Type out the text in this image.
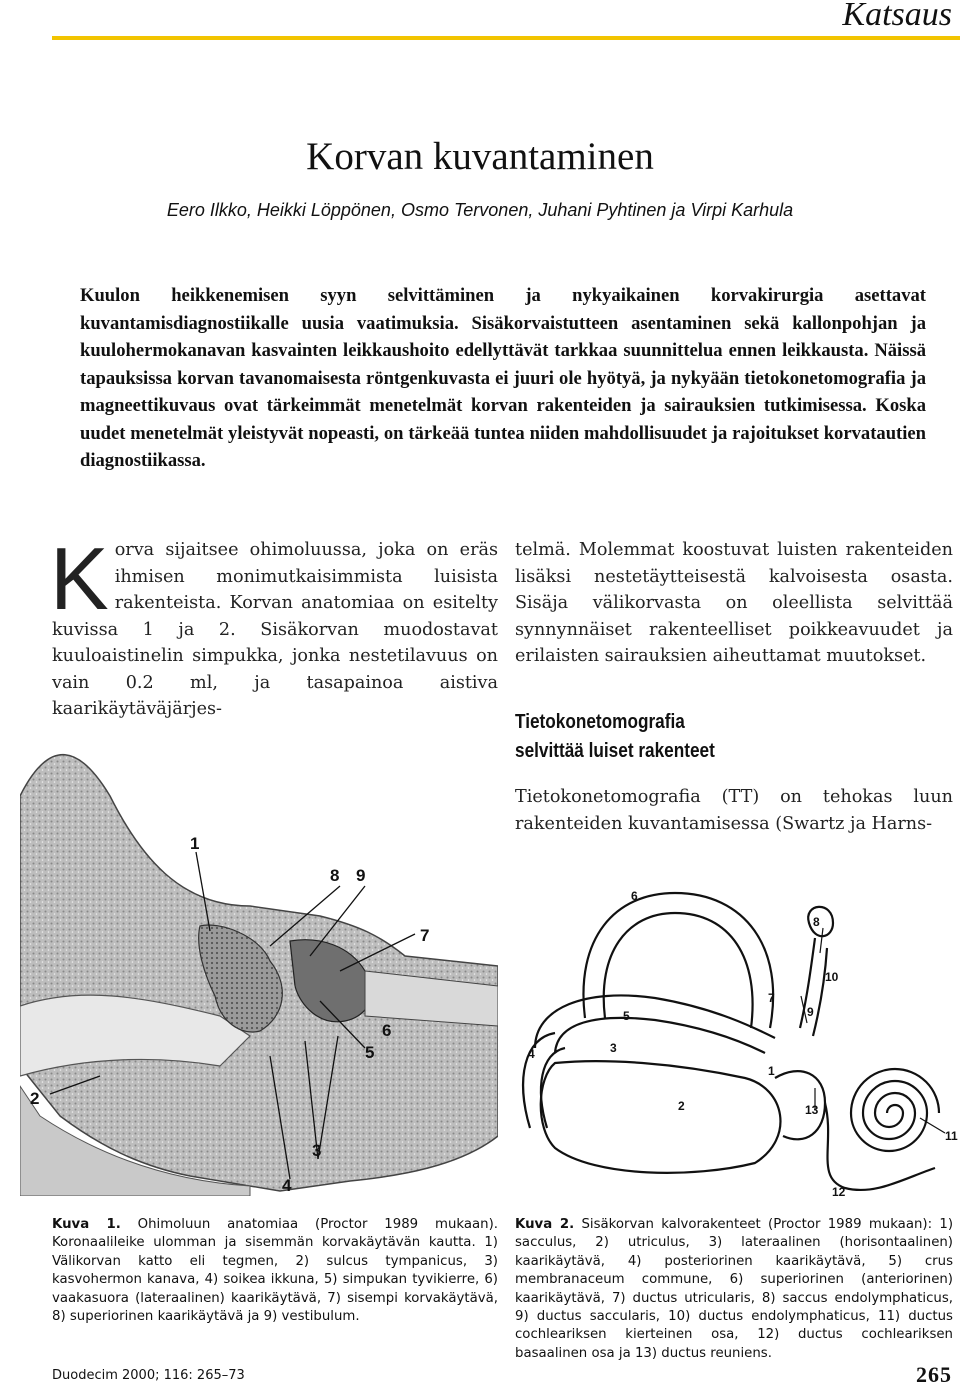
Katsaus
Korvan kuvantaminen
Eero Ilkko, Heikki Löppönen, Osmo Tervonen, Juhani Pyhtinen ja Virpi Karhula
Kuulon heikkenemisen syyn selvittäminen ja nykyaikainen korvakirurgia asettavat kuvantamisdiagnostiikalle uusia vaatimuksia. Sisäkorvaistutteen asentaminen sekä kallonpohjan ja kuulohermokanavan kasvainten leikkaushoito edellyttävät tarkkaa suunnittelua ennen leikkausta. Näissä tapauksissa korvan tavanomaisesta röntgenkuvasta ei juuri ole hyötyä, ja nykyään tietokonetomografia ja magneettikuvaus ovat tärkeimmät menetelmät korvan rakenteiden ja sairauksien tutkimisessa. Koska uudet menetelmät yleistyvät nopeasti, on tärkeää tuntea niiden mahdollisuudet ja rajoitukset korvatautien diagnostiikassa.
Korva sijaitsee ohimoluussa, joka on eräs ihmisen monimutkaisimmista luisista rakenteista. Korvan anatomiaa on esitelty kuvissa 1 ja 2. Sisäkorvan muodostavat kuuloaistinelin simpukka, jonka nestetilavuus on vain 0.2 ml, ja tasapainoa aistiva kaarikäytäväjärjes-
telmä. Molemmat koostuvat luisten rakenteiden lisäksi nestetäytteisestä kalvoisesta osasta. Sisäja välikorvasta on oleellista selvittää synnynnäiset rakenteelliset poikkeavuudet ja erilaisten sairauksien aiheuttamat muutokset.
Tietokonetomografia
selvittää luiset rakenteet
Tietokonetomografia (TT) on tehokas luun rakenteiden kuvantamisessa (Swartz ja Harns-
1
2
3
4
5
6
7
8 9
6
8
10
7
9
5
3
4
1
2	13
11
12
Kuva 1. Ohimoluun anatomiaa (Proctor 1989 mukaan). Koronaalileike ulomman ja sisemmän korvakäytävän kautta. 1) Välikorvan katto eli tegmen, 2) sulcus tympanicus, 3) kasvohermon kanava, 4) soikea ikkuna, 5) simpukan tyvikierre, 6) vaakasuora (lateraalinen) kaarikäytävä, 7) sisempi korvakäytävä, 8) superiorinen kaarikäytävä ja 9) vestibulum.
Kuva 2. Sisäkorvan kalvorakenteet (Proctor 1989 mukaan): 1) sacculus, 2) utriculus, 3) lateraalinen (horisontaalinen) kaarikäytävä, 4) posteriorinen kaarikäytävä, 5) crus membranaceum commune, 6) superiorinen (anteriorinen) kaarikäytävä, 7) ductus utricularis, 8) saccus endolymphaticus, 9) ductus saccularis, 10) ductus endolymphaticus, 11) ductus cochleariksen kierteinen osa, 12) ductus cochleariksen basaalinen osa ja 13) ductus reuniens.
Duodecim 2000; 116: 265–73	265
